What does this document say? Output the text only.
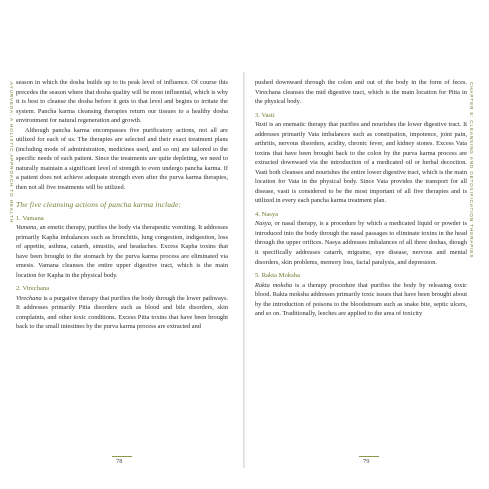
AYURVEDA: A HOLISTIC APPROACH TO HEALTH	CHAPTER 8: CLEANSING AND DETOXIFICATION THERAPIES

season in which the dosha builds up to its peak level of influence. Of course this precedes the season where that dosha quality will be most influential, which is why it is best to cleanse the dosha before it gets to that level and begins to irritate the system. Pancha karma cleansing therapies return our tissues to a healthy dosha environment for natural regeneration and growth.

Although pancha karma encompasses five purificatory actions, not all are utilized for each of us. The therapies are selected and their exact treatment plans (including mode of administration, medicines used, and so on) are tailored to the specific needs of each patient. Since the treatments are quite depleting, we need to naturally maintain a significant level of strength to even undergo pancha karma. If a patient does not achieve adequate strength even after the purva karma therapies, then not all five treatments will be utilized.

The five cleansing actions of pancha karma include:
1. Vamana

Vamana, an emetic therapy, purifies the body via therapeutic vomiting. It addresses primarily Kapha imbalances such as bronchitis, lung congestion, indigestion, loss of appetite, asthma, catarrh, sinusitis, and headaches. Excess Kapha toxins that have been brought to the stomach by the purva karma process are eliminated via emesis. Vamana cleanses the entire upper digestive tract, which is the main location for Kapha in the physical body.

2. Virechana

Virechana is a purgative therapy that purifies the body through the lower pathways. It addresses primarily Pitta disorders such as blood and bile disorders, skin complaints, and other toxic conditions. Excess Pitta toxins that have been brought back to the small intestines by the purva karma process are extracted and

pushed downward through the colon and out of the body in the form of feces. Virechana cleanses the mid digestive tract, which is the main location for Pitta in the physical body.

3. Vasti

Vasti is an enematic therapy that purifies and nourishes the lower digestive tract. It addresses primarily Vata imbalances such as constipation, impotence, joint pain, arthritis, nervous disorders, acidity, chronic fever, and kidney stones. Excess Vata toxins that have been brought back to the colon by the purva karma process are extracted downward via the introduction of a medicated oil or herbal decoction. Vasti both cleanses and nourishes the entire lower digestive tract, which is the main location for Vata in the physical body. Since Vata provides the transport for all disease, vasti is considered to be the most important of all five therapies and is utilized in every each pancha karma treatment plan.

4. Nasya

Nasya, or nasal therapy, is a procedure by which a medicated liquid or powder is introduced into the body through the nasal passages to eliminate toxins in the head through the upper orifices. Nasya addresses imbalances of all three doshas, though it specifically addresses catarrh, migraine, eye disease, nervous and mental disorders, skin problems, memory loss, facial paralysis, and depression.

5. Rakta Moksha

Rakta moksha is a therapy procedure that purifies the body by releasing toxic blood. Rakta moksha addresses primarily toxic issues that have been brought about by the introduction of poisons to the bloodstream such as snake bite, septic ulcers, and so on. Traditionally, leeches are applied to the area of toxicity

78	79
